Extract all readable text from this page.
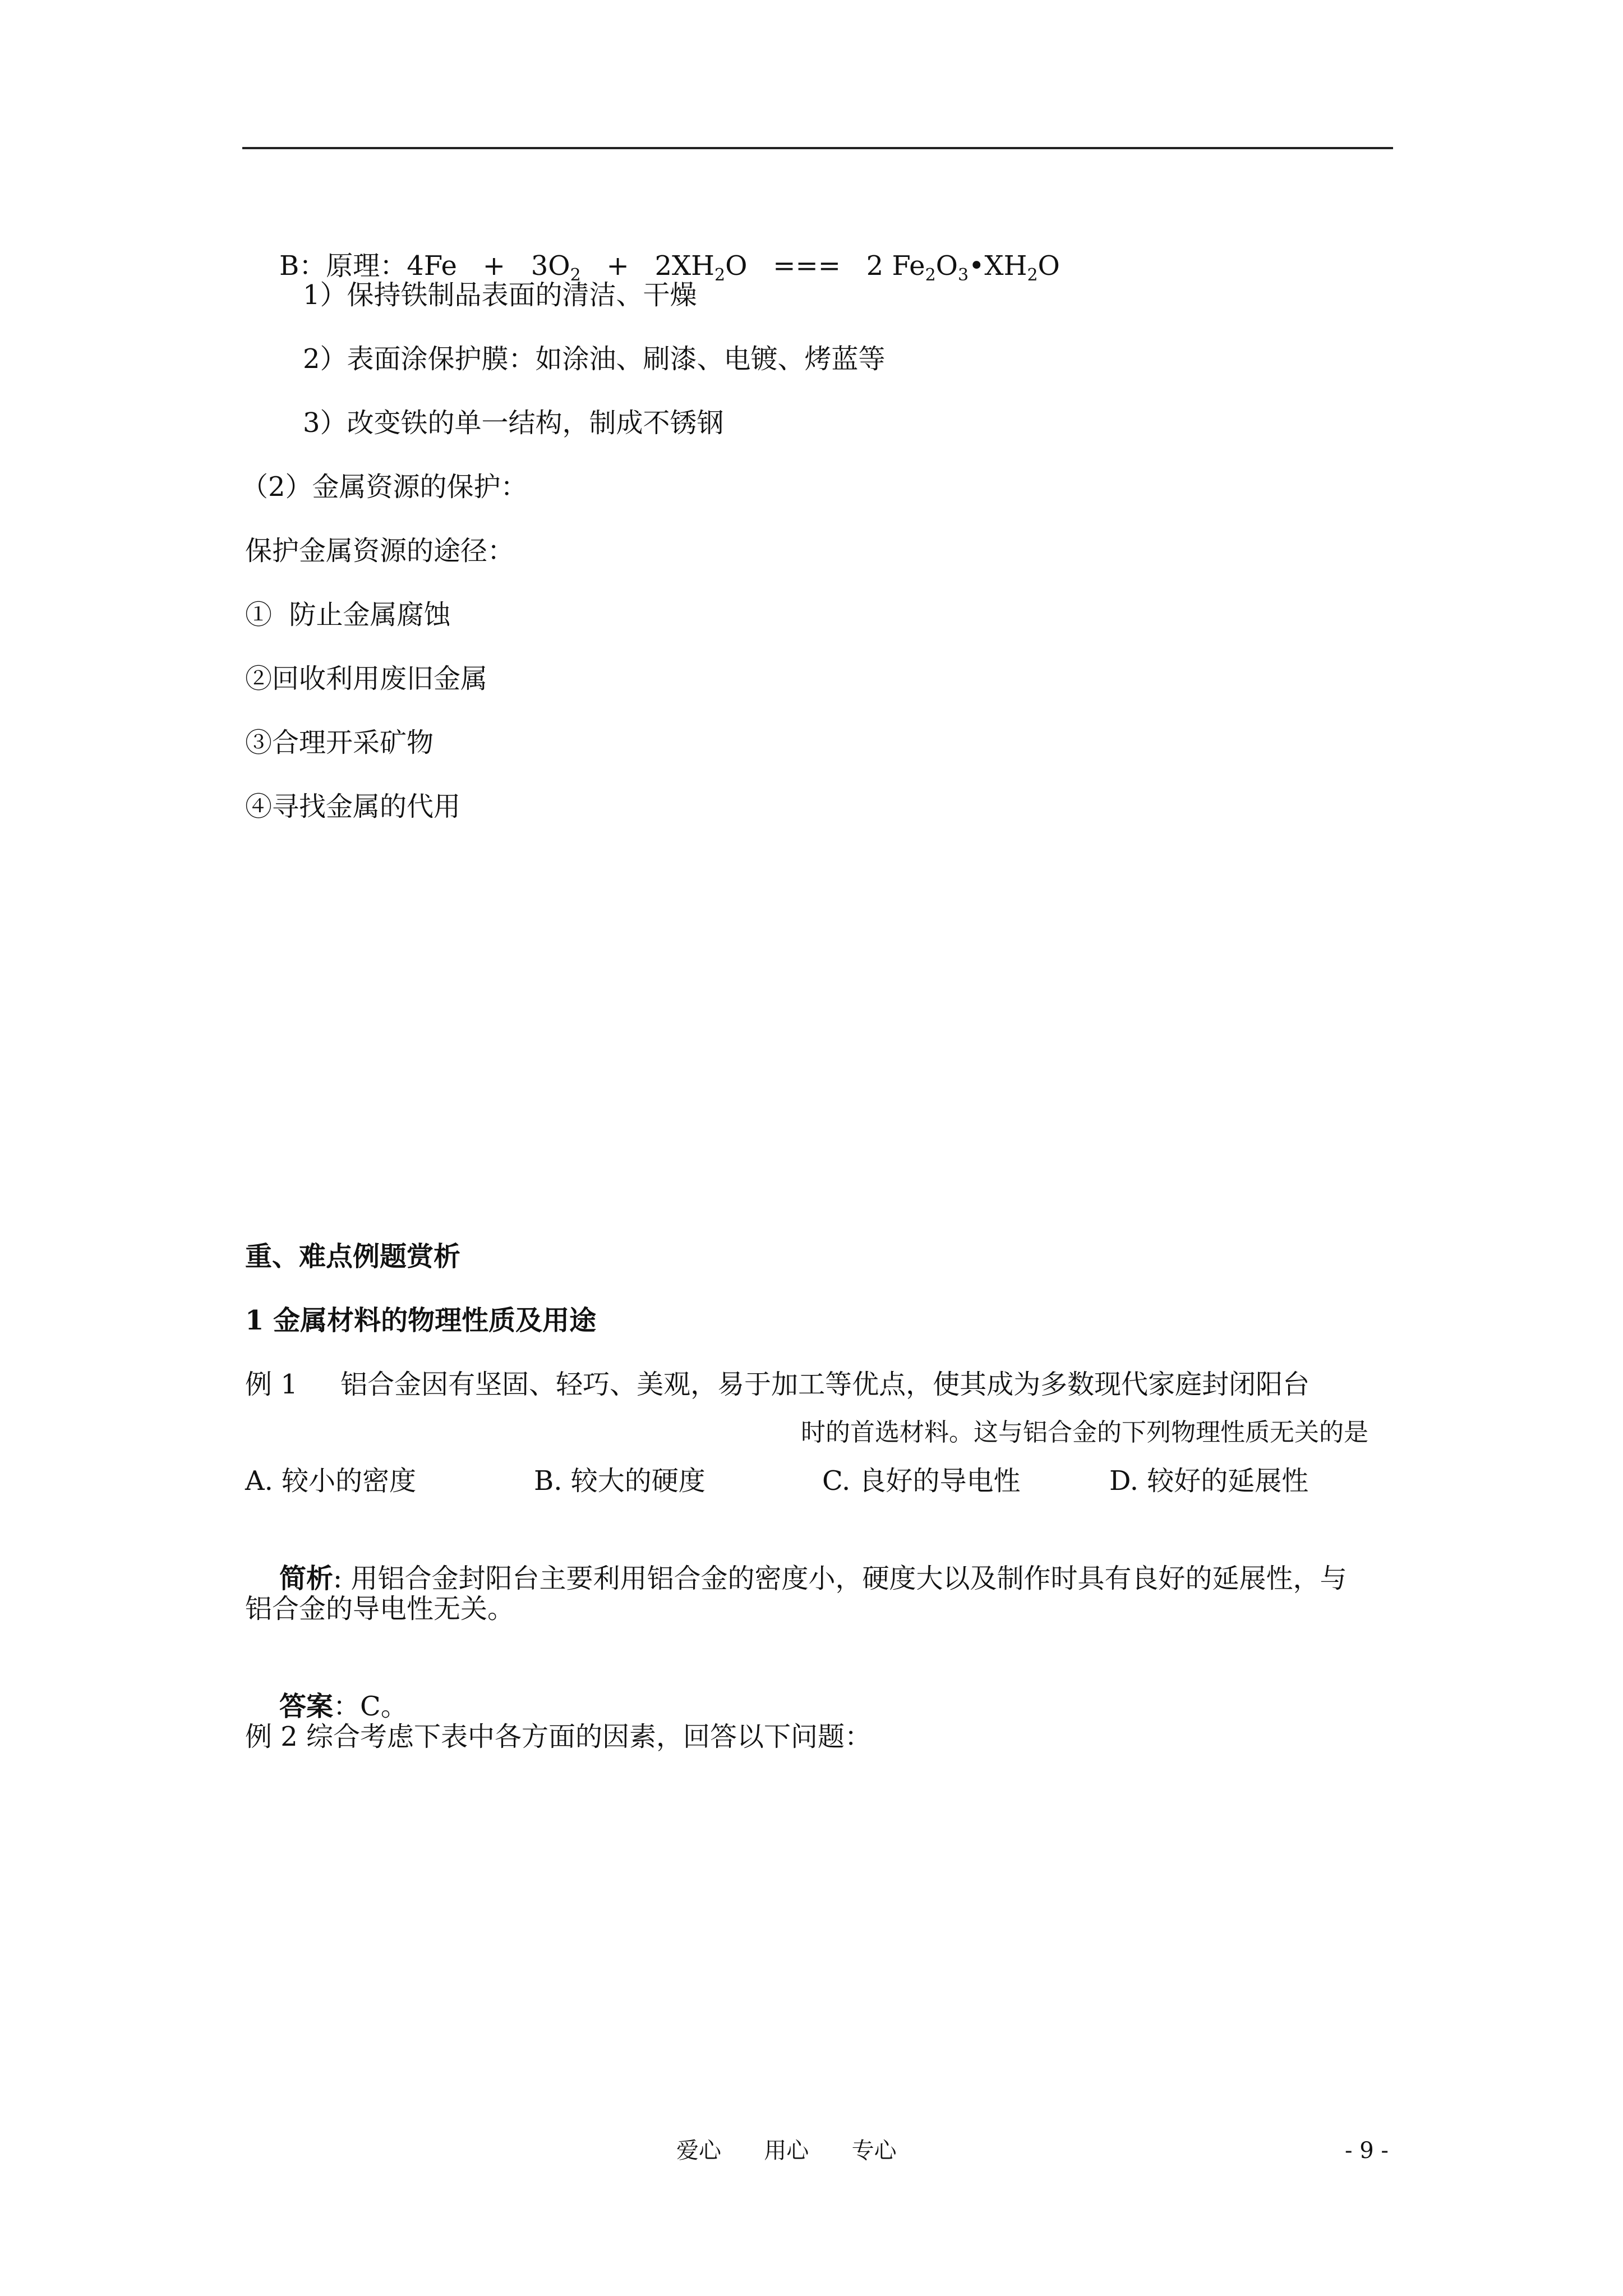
B：原理：$4Fe + 3O_2 + 2XH_2O$   ===   2 $Fe_2O_3•XH_2O$

1）保持铁制品表面的清洁、干燥
2）表面涂保护膜：如涂油、刷漆、电镀、烤蓝等
3）改变铁的单一结构，制成不锈钢
（2）金属资源的保护：
保护金属资源的途径：
①  防止金属腐蚀
②回收利用废旧金属
③合理开采矿物
④寻找金属的代用
重、难点例题赏析
1 金属材料的物理性质及用途
例 1     铝合金因有坚固、轻巧、美观，易于加工等优点，使其成为多数现代家庭封闭阳台
时的首选材料。这与铝合金的下列物理性质无关的是
A. 较小的密度	B. 较大的硬度	C. 良好的导电性	D. 较好的延展性

简析: 用铝合金封阳台主要利用铝合金的密度小，硬度大以及制作时具有良好的延展性，与

铝合金的导电性无关。

答案：C。

例 2 综合考虑下表中各方面的因素，回答以下问题：
爱心      用心      专心	- 9 -
